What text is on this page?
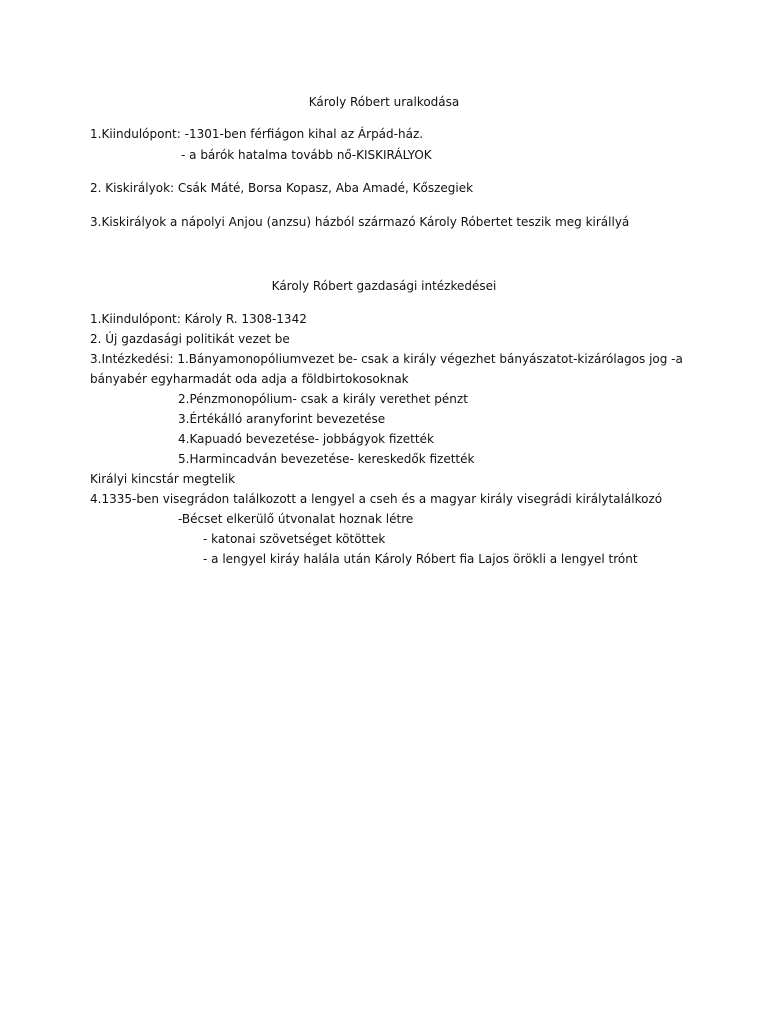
Károly Róbert uralkodása
1.Kiindulópont: -1301-ben férfiágon kihal az Árpád-ház.
- a bárók hatalma tovább nő-KISKIRÁLYOK
2. Kiskirályok: Csák Máté, Borsa Kopasz, Aba Amadé, Kőszegiek
3.Kiskirályok a nápolyi Anjou (anzsu) házból származó Károly Róbertet teszik meg királlyá
Károly Róbert gazdasági intézkedései
1.Kiindulópont: Károly R. 1308-1342
2. Új gazdasági politikát vezet be
3.Intézkedési: 1.Bányamonopóliumvezet be- csak a király végezhet bányászatot-kizárólagos jog -a
bányabér egyharmadát oda adja a földbirtokosoknak
2.Pénzmonopólium- csak a király verethet pénzt
3.Értékálló aranyforint bevezetése
4.Kapuadó bevezetése- jobbágyok fizették
5.Harmincadván bevezetése- kereskedők fizették
Királyi kincstár megtelik
4.1335-ben visegrádon találkozott a lengyel a cseh és a magyar király visegrádi királytalálkozó
-Bécset elkerülő útvonalat hoznak létre
- katonai szövetséget kötöttek
- a lengyel kiráy halála után Károly Róbert fia Lajos örökli a lengyel trónt
